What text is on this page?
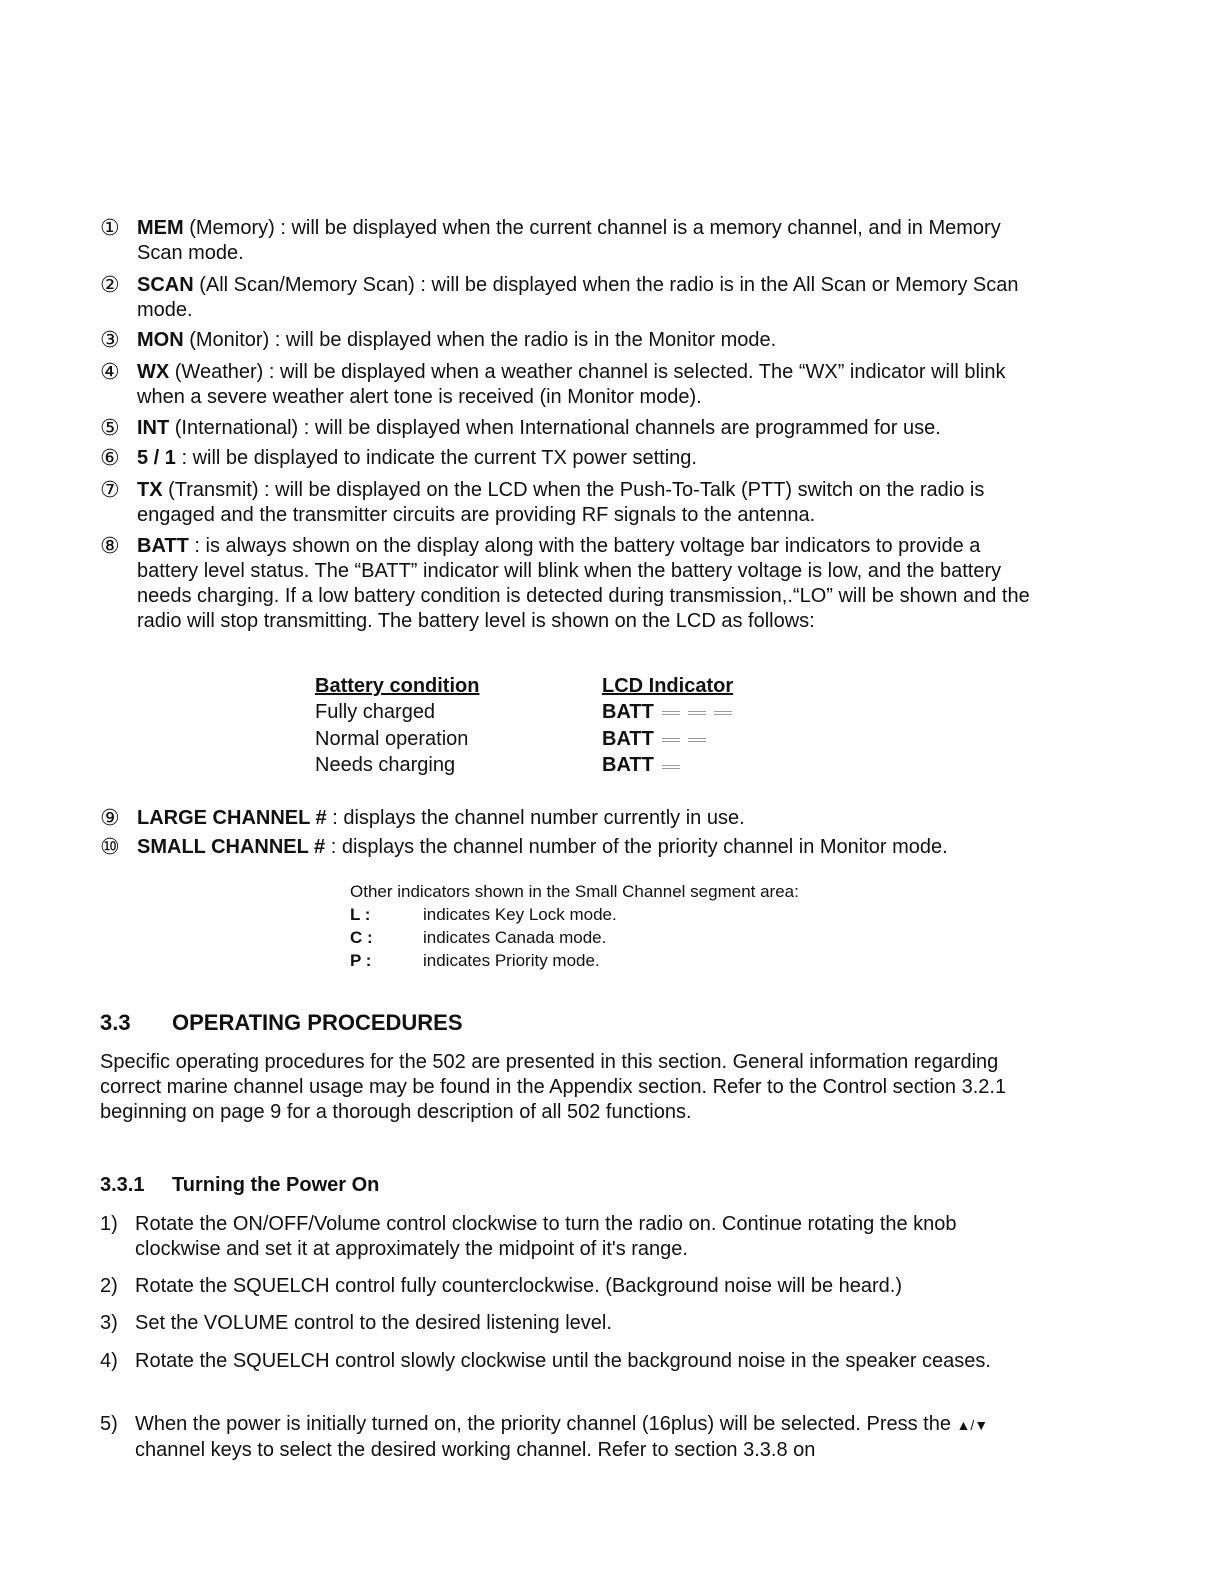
① MEM (Memory) : will be displayed when the current channel is a memory channel, and in Memory Scan mode.
② SCAN (All Scan/Memory Scan) : will be displayed when the radio is in the All Scan or Memory Scan mode.
③ MON (Monitor) : will be displayed when the radio is in the Monitor mode.
④ WX (Weather) : will be displayed when a weather channel is selected. The “WX” indicator will blink when a severe weather alert tone is received (in Monitor mode).
⑤ INT (International) : will be displayed when International channels are programmed for use.
⑥ 5 / 1 : will be displayed to indicate the current TX power setting.
⑦ TX (Transmit) : will be displayed on the LCD when the Push-To-Talk (PTT) switch on the radio is engaged and the transmitter circuits are providing RF signals to the antenna.
⑧ BATT : is always shown on the display along with the battery voltage bar indicators to provide a battery level status. The “BATT” indicator will blink when the battery voltage is low, and the battery needs charging. If a low battery condition is detected during transmission,.“LO” will be shown and the radio will stop transmitting. The battery level is shown on the LCD as follows:
Battery condition	LCD Indicator
Fully charged	BATT
Normal operation	BATT
Needs charging	BATT
⑨ LARGE CHANNEL # : displays the channel number currently in use.
⑩ SMALL CHANNEL # : displays the channel number of the priority channel in Monitor mode.
Other indicators shown in the Small Channel segment area:
L :	indicates Key Lock mode.
C :	indicates Canada mode.
P :	indicates Priority mode.
3.3 OPERATING PROCEDURES
Specific operating procedures for the 502 are presented in this section. General information regarding correct marine channel usage may be found in the Appendix section. Refer to the Control section 3.2.1 beginning on page 9 for a thorough description of all 502 functions.
3.3.1 Turning the Power On
1) Rotate the ON/OFF/Volume control clockwise to turn the radio on. Continue rotating the knob clockwise and set it at approximately the midpoint of it's range.
2) Rotate the SQUELCH control fully counterclockwise. (Background noise will be heard.)
3) Set the VOLUME control to the desired listening level.
4) Rotate the SQUELCH control slowly clockwise until the background noise in the speaker ceases.
5) When the power is initially turned on, the priority channel (16plus) will be selected. Press the ▲/▼ channel keys to select the desired working channel. Refer to section 3.3.8 on
